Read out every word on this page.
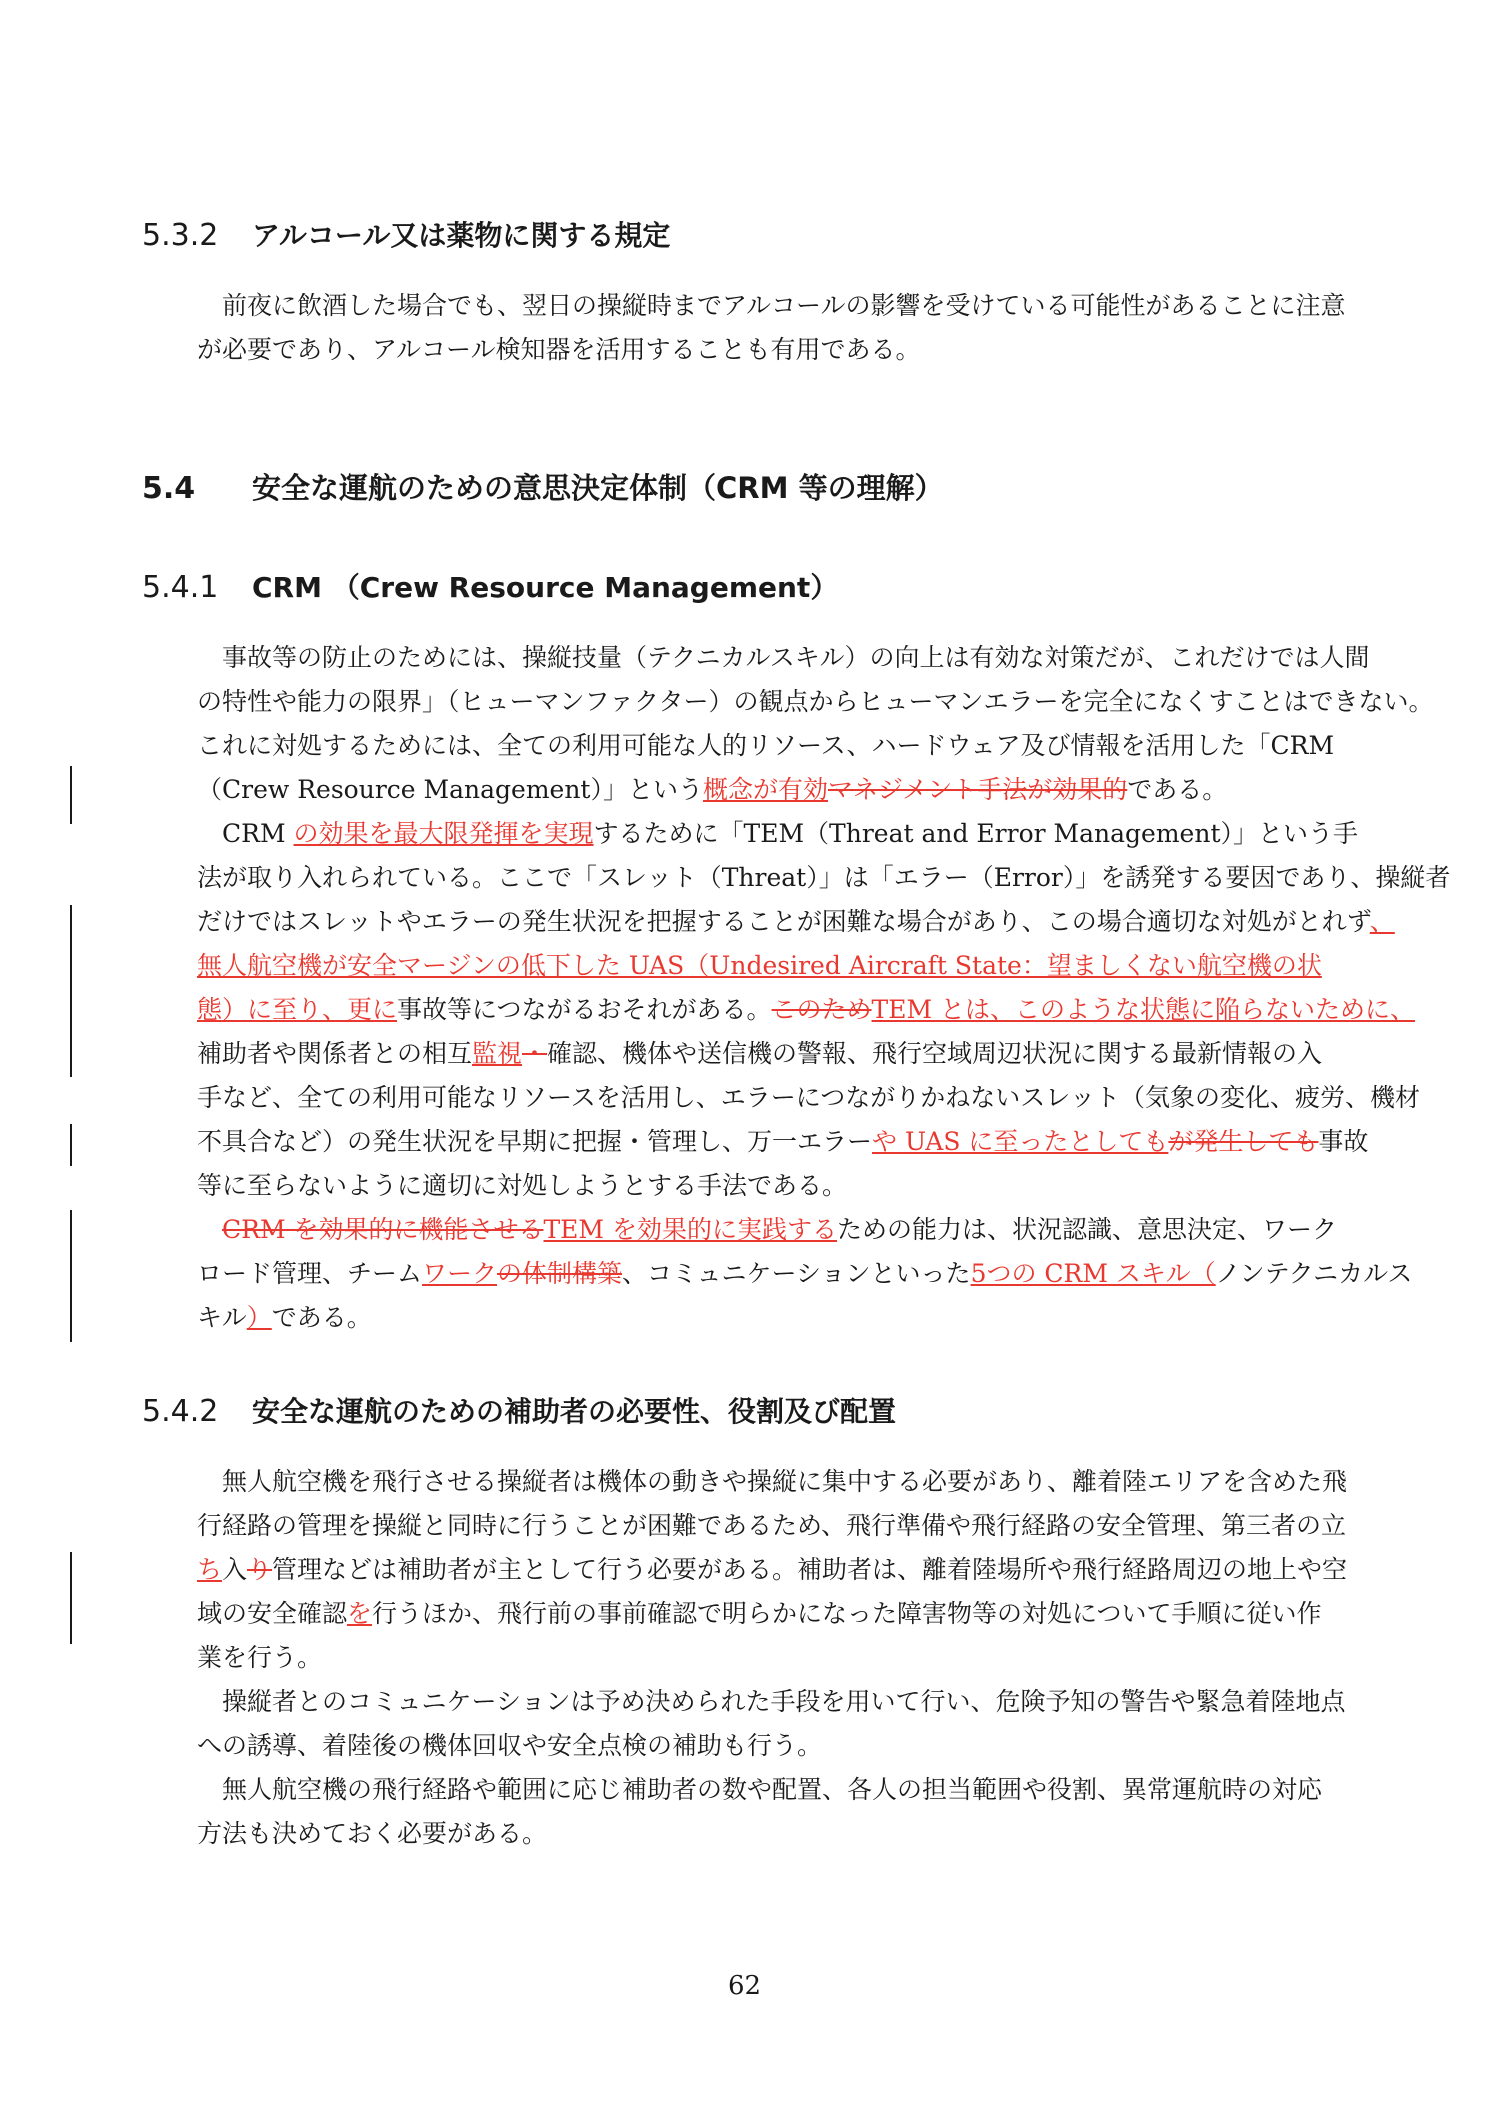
5.3.2 アルコール又は薬物に関する規定
前夜に飲酒した場合でも、翌日の操縦時までアルコールの影響を受けている可能性があることに注意
が必要であり、アルコール検知器を活用することも有用である。
5.4 安全な運航のための意思決定体制（CRM 等の理解）
5.4.1 CRM （Crew Resource Management）
事故等の防止のためには、操縦技量（テクニカルスキル）の向上は有効な対策だが、これだけでは人間
の特性や能力の限界」（ヒューマンファクター）の観点からヒューマンエラーを完全になくすことはできない。
これに対処するためには、全ての利用可能な人的リソース、ハードウェア及び情報を活用した「CRM
（Crew Resource Management）」という概念が有効マネジメント手法が効果的である。
CRM の効果を最大限発揮を実現するために「TEM（Threat and Error Management）」という手
法が取り入れられている。ここで「スレット（Threat）」は「エラー（Error）」を誘発する要因であり、操縦者
だけではスレットやエラーの発生状況を把握することが困難な場合があり、この場合適切な対処がとれず、
無人航空機が安全マージンの低下した UAS（Undesired Aircraft State：望ましくない航空機の状
態）に至り、更に事故等につながるおそれがある。このためTEM とは、このような状態に陥らないために、
補助者や関係者との相互監視・確認、機体や送信機の警報、飛行空域周辺状況に関する最新情報の入
手など、全ての利用可能なリソースを活用し、エラーにつながりかねないスレット（気象の変化、疲労、機材
不具合など）の発生状況を早期に把握・管理し、万一エラーや UAS に至ったとしてもが発生しても事故
等に至らないように適切に対処しようとする手法である。
CRM を効果的に機能させるTEM を効果的に実践するための能力は、状況認識、意思決定、ワーク
ロード管理、チームワークの体制構築、コミュニケーションといった5つの CRM スキル（ノンテクニカルス
キル）である。
5.4.2 安全な運航のための補助者の必要性、役割及び配置
無人航空機を飛行させる操縦者は機体の動きや操縦に集中する必要があり、離着陸エリアを含めた飛
行経路の管理を操縦と同時に行うことが困難であるため、飛行準備や飛行経路の安全管理、第三者の立
ち入り管理などは補助者が主として行う必要がある。補助者は、離着陸場所や飛行経路周辺の地上や空
域の安全確認を行うほか、飛行前の事前確認で明らかになった障害物等の対処について手順に従い作
業を行う。
操縦者とのコミュニケーションは予め決められた手段を用いて行い、危険予知の警告や緊急着陸地点
への誘導、着陸後の機体回収や安全点検の補助も行う。
無人航空機の飛行経路や範囲に応じ補助者の数や配置、各人の担当範囲や役割、異常運航時の対応
方法も決めておく必要がある。
62
